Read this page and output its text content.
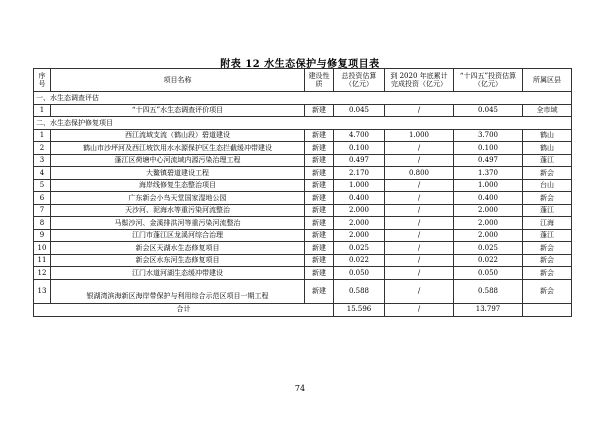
附表 12 水生态保护与修复项目表
序号	项目名称	建设性质	总投资估算（亿元）	到 2020 年底累计完成投资（亿元）	“十四五”投资估算（亿元）	所属区县
一、水生态调查评估						
1	“十四五”水生态调查评价项目	新建	0.045	/	0.045	全市域
二、水生态保护修复项目						
1	西江流域支流（鹤山段）碧道建设	新建	4.700	1.000	3.700	鹤山
2	鹤山市沙坪河及西江坡饮用水水源保护区生态拦截缓冲带建设	新建	0.100	/	0.100	鹤山
3	蓬江区荷塘中心河流域内源污染治理工程	新建	0.497	/	0.497	蓬江
4	大鳌镇碧道建设工程	新建	2.170	0.800	1.370	新会
5	海岸线修复生态整治项目	新建	1.000	/	1.000	台山
6	广东新会小鸟天堂国家湿地公园	新建	0.400	/	0.400	新会
7	天沙河、泥海水等重污染河流整治	新建	2.000	/	2.000	蓬江
8	马鬃沙河、金溪排洪河等重污染河流整治	新建	2.000	/	2.000	江海
9	江门市蓬江区龙溪河综合治理	新建	2.000	/	2.000	蓬江
10	新会区天湖水生态修复项目	新建	0.025	/	0.025	新会
11	新会区水东河生态修复项目	新建	0.022	/	0.022	新会
12	江门水道河湖生态缓冲带建设	新建	0.050	/	0.050	新会
13	银湖湾滨海新区海岸带保护与利用综合示范区项目一期工程	新建	0.588	/	0.588	新会
合计			15.596	/	13.797	
74
